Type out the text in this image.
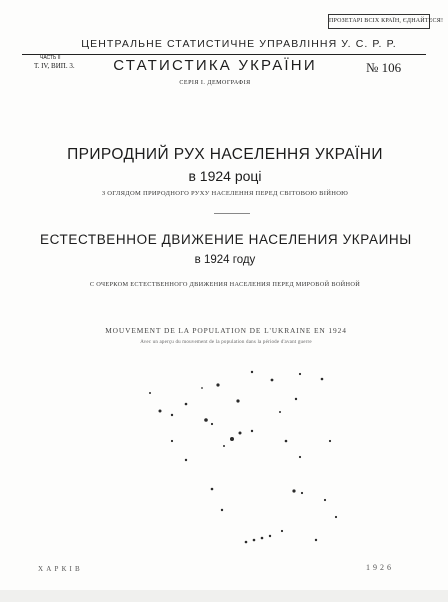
ПРОЗЕТАРІ ВСІХ КРАЇН, ЄДНАЙТЕСЯ!
ЦЕНТРАЛЬНЕ СТАТИСТИЧНЕ УПРАВЛІННЯ У. С. Р. Р.
ЧАСТЬ II
Т. IV, ВИП. 3.	СТАТИСТИКА УКРАЇНИ	№ 106
СЕРІЯ І. ДЕМОГРАФІЯ
ПРИРОДНИЙ РУХ НАСЕЛЕННЯ УКРАЇНИ
в 1924 році
З ОГЛЯДОМ ПРИРОДНОГО РУХУ НАСЕЛЕННЯ ПЕРЕД СВІТОВОЮ ВІЙНОЮ
ЕСТЕСТВЕННОЕ ДВИЖЕНИЕ НАСЕЛЕНИЯ УКРАИНЫ
в 1924 году
С ОЧЕРКОМ ЕСТЕСТВЕННОГО ДВИЖЕНИЯ НАСЕЛЕНИЯ ПЕРЕД МИРОВОЙ ВОЙНОЙ
MOUVEMENT DE LA POPULATION DE L'UKRAINE EN 1924
Avec un aperçu du mouvement de la population dans la période d'avant guerre
ХАРКІВ	1926
